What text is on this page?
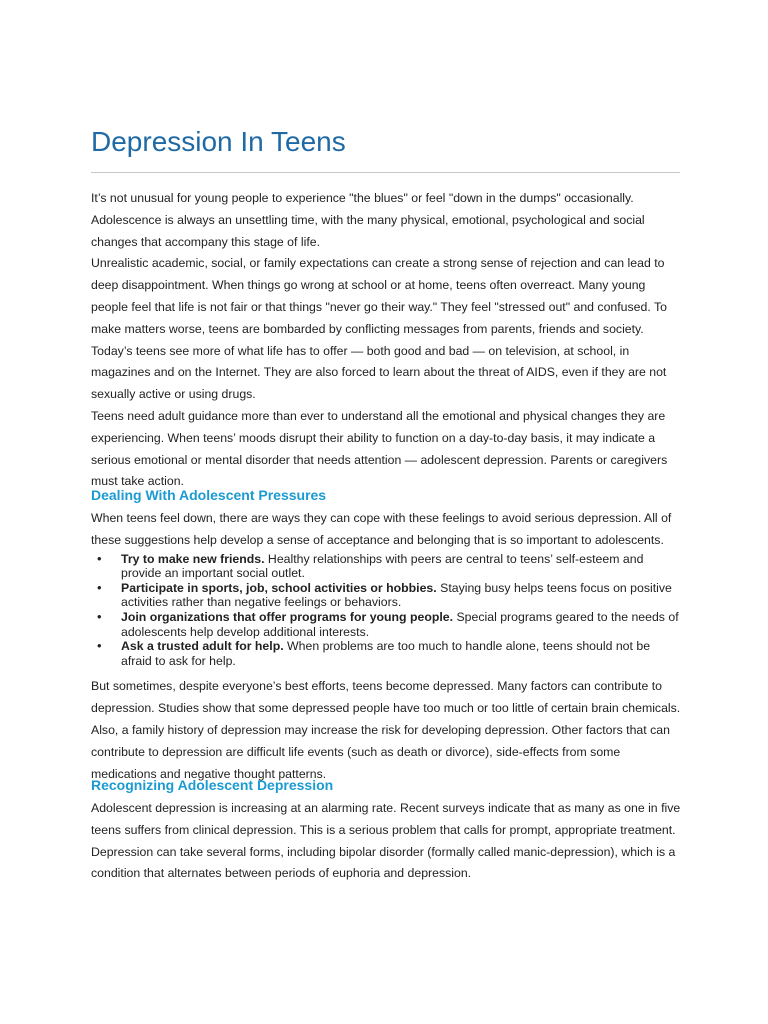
Depression In Teens

It’s not unusual for young people to experience "the blues" or feel "down in the dumps" occasionally. Adolescence is always an unsettling time, with the many physical, emotional, psychological and social changes that accompany this stage of life.

Unrealistic academic, social, or family expectations can create a strong sense of rejection and can lead to deep disappointment. When things go wrong at school or at home, teens often overreact. Many young people feel that life is not fair or that things "never go their way." They feel "stressed out" and confused. To make matters worse, teens are bombarded by conflicting messages from parents, friends and society. Today’s teens see more of what life has to offer — both good and bad — on television, at school, in magazines and on the Internet. They are also forced to learn about the threat of AIDS, even if they are not sexually active or using drugs.

Teens need adult guidance more than ever to understand all the emotional and physical changes they are experiencing. When teens’ moods disrupt their ability to function on a day-to-day basis, it may indicate a serious emotional or mental disorder that needs attention — adolescent depression. Parents or caregivers must take action.

Dealing With Adolescent Pressures

When teens feel down, there are ways they can cope with these feelings to avoid serious depression. All of these suggestions help develop a sense of acceptance and belonging that is so important to adolescents.

• Try to make new friends. Healthy relationships with peers are central to teens’ self-esteem and provide an important social outlet.
• Participate in sports, job, school activities or hobbies. Staying busy helps teens focus on positive activities rather than negative feelings or behaviors.
• Join organizations that offer programs for young people. Special programs geared to the needs of adolescents help develop additional interests.
• Ask a trusted adult for help. When problems are too much to handle alone, teens should not be afraid to ask for help.

But sometimes, despite everyone’s best efforts, teens become depressed. Many factors can contribute to depression. Studies show that some depressed people have too much or too little of certain brain chemicals. Also, a family history of depression may increase the risk for developing depression. Other factors that can contribute to depression are difficult life events (such as death or divorce), side-effects from some medications and negative thought patterns.

Recognizing Adolescent Depression

Adolescent depression is increasing at an alarming rate. Recent surveys indicate that as many as one in five teens suffers from clinical depression. This is a serious problem that calls for prompt, appropriate treatment. Depression can take several forms, including bipolar disorder (formally called manic-depression), which is a condition that alternates between periods of euphoria and depression.
